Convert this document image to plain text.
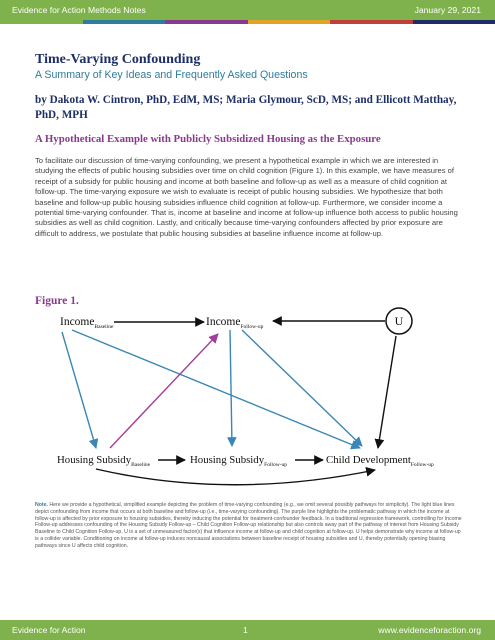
Evidence for Action Methods Notes	January 29, 2021
Time-Varying Confounding
A Summary of Key Ideas and Frequently Asked Questions
by Dakota W. Cintron, PhD, EdM, MS; Maria Glymour, ScD, MS; and Ellicott Matthay, PhD, MPH
A Hypothetical Example with Publicly Subsidized Housing as the Exposure
To facilitate our discussion of time-varying confounding, we present a hypothetical example in which we are interested in studying the effects of public housing subsidies over time on child cognition (Figure 1). In this example, we have measures of receipt of a subsidy for public housing and income at both baseline and follow-up as well as a measure of child cognition at follow-up. The time-varying exposure we wish to evaluate is receipt of public housing subsidies. We hypothesize that both baseline and follow-up public housing subsidies influence child cognition at follow-up. Furthermore, we consider income a potential time-varying confounder. That is, income at baseline and income at follow-up influence both access to public housing subsidies as well as child cognition. Lastly, and critically because time-varying confounders affected by prior exposure are difficult to address, we postulate that public housing subsidies at baseline influence income at follow-up.
Figure 1.
IncomeBaseline	IncomeFollow-up	U
Housing SubsidyBaseline	Housing SubsidyFollow-up	Child DevelopmentFollow-up
Note. Here we provide a hypothetical, simplified example depicting the problem of time-varying confounding (e.g., we omit several possibly pathways for simplicity). The light blue lines depict confounding from income that occurs at both baseline and follow-up (i.e., time-varying confounding). The purple line highlights the problematic pathway in which the income at follow-up is affected by prior exposure to housing subsidies, thereby inducing the potential for treatment-confounder feedback. In a traditional regression framework, controlling for Income Follow-up addresses confounding of the Housing Subsidy Follow-up – Child Cognition Follow-up relationship but also controls away part of the pathway of interest from Housing Subsidy Baseline to Child Cognition Follow-up. U is a set of unmeasured factor(s) that influence income at follow-up and child cognition at follow-up. U helps demonstrate why income at follow-up is a collider variable. Conditioning on income at follow-up induces noncausal associations between baseline receipt of housing subsidies and U, thereby potentially opening biasing pathways since U affects child cognition.
Evidence for Action	1	www.evidenceforaction.org
